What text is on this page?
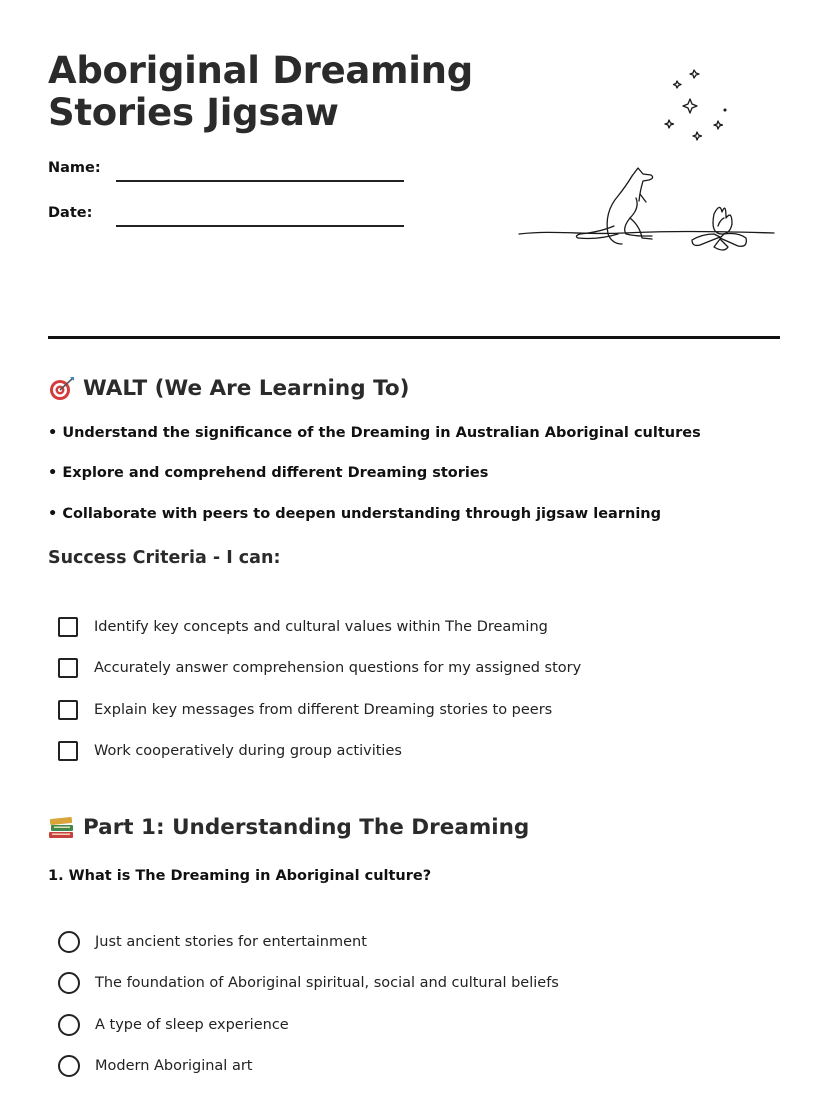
Aboriginal Dreaming
Stories Jigsaw
Name:
Date:
WALT (We Are Learning To)
• Understand the significance of the Dreaming in Australian Aboriginal cultures
• Explore and comprehend different Dreaming stories
• Collaborate with peers to deepen understanding through jigsaw learning
Success Criteria - I can:
Identify key concepts and cultural values within The Dreaming
Accurately answer comprehension questions for my assigned story
Explain key messages from different Dreaming stories to peers
Work cooperatively during group activities
Part 1: Understanding The Dreaming
1. What is The Dreaming in Aboriginal culture?
Just ancient stories for entertainment
The foundation of Aboriginal spiritual, social and cultural beliefs
A type of sleep experience
Modern Aboriginal art
